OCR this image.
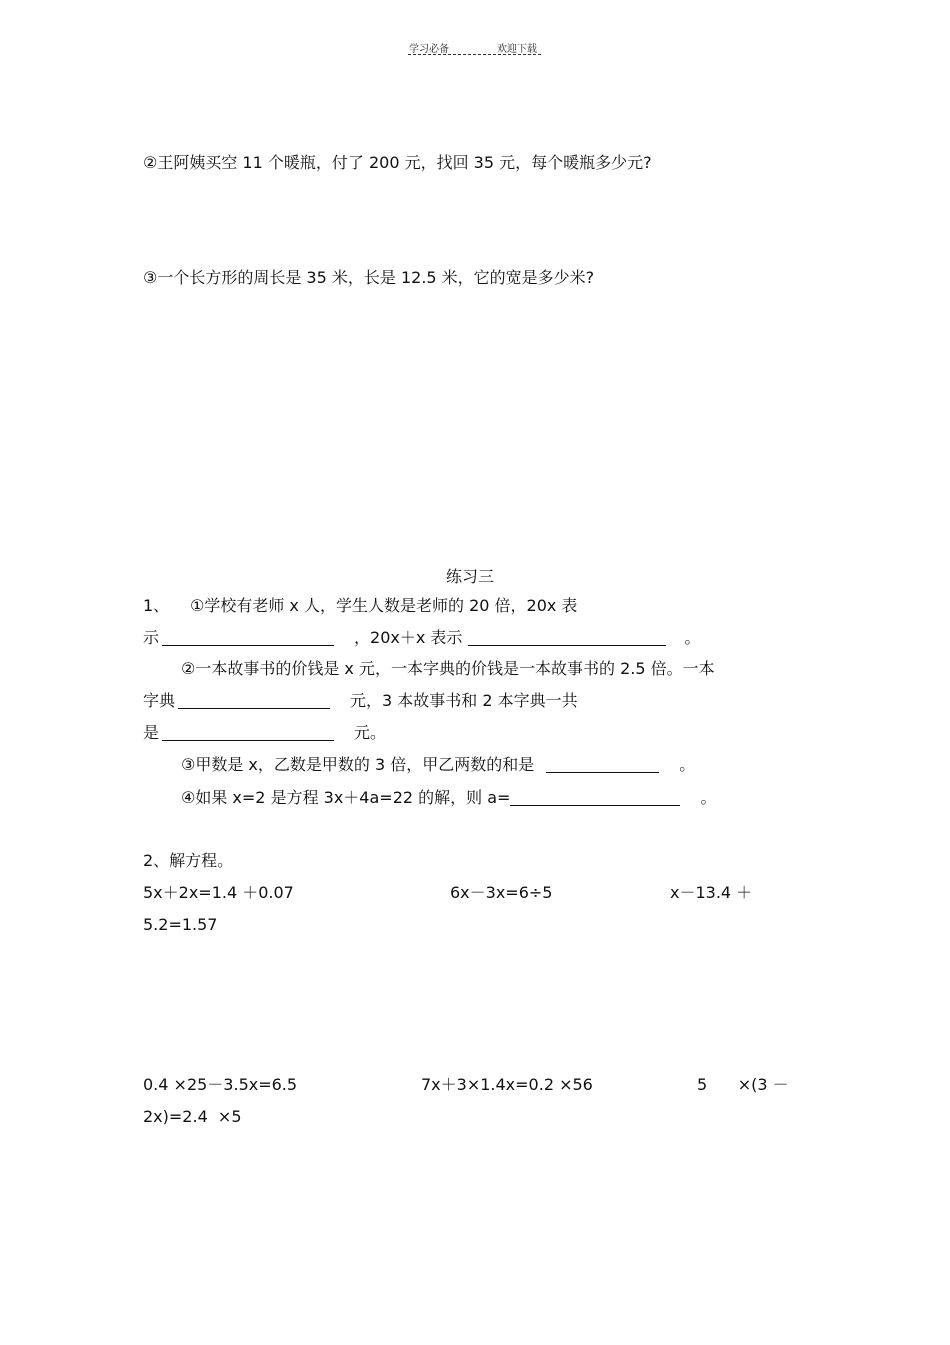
学习必备	欢迎下载
②王阿姨买空 11 个暖瓶，付了 200 元，找回 35 元，每个暖瓶多少元?
③一个长方形的周长是 35 米，长是 12.5 米，它的宽是多少米?
练习三
1、 ①学校有老师 x 人，学生人数是老师的 20 倍，20x 表
示	，20x＋x 表示	。
②一本故事书的价钱是 x 元，一本字典的价钱是一本故事书的 2.5 倍。一本
字典	元，3 本故事书和 2 本字典一共
是	元。
③甲数是 x，乙数是甲数的 3 倍，甲乙两数的和是	。
④如果 x=2 是方程 3x＋4a=22 的解，则 a=	。
2、解方程。
5x＋2x=1.4 ＋0.07	6x－3x=6÷5	x－13.4 ＋
5.2=1.57
0.4 ×25－3.5x=6.5	7x＋3×1.4x=0.2 ×56	5      ×(3 －
2x)=2.4  ×5
